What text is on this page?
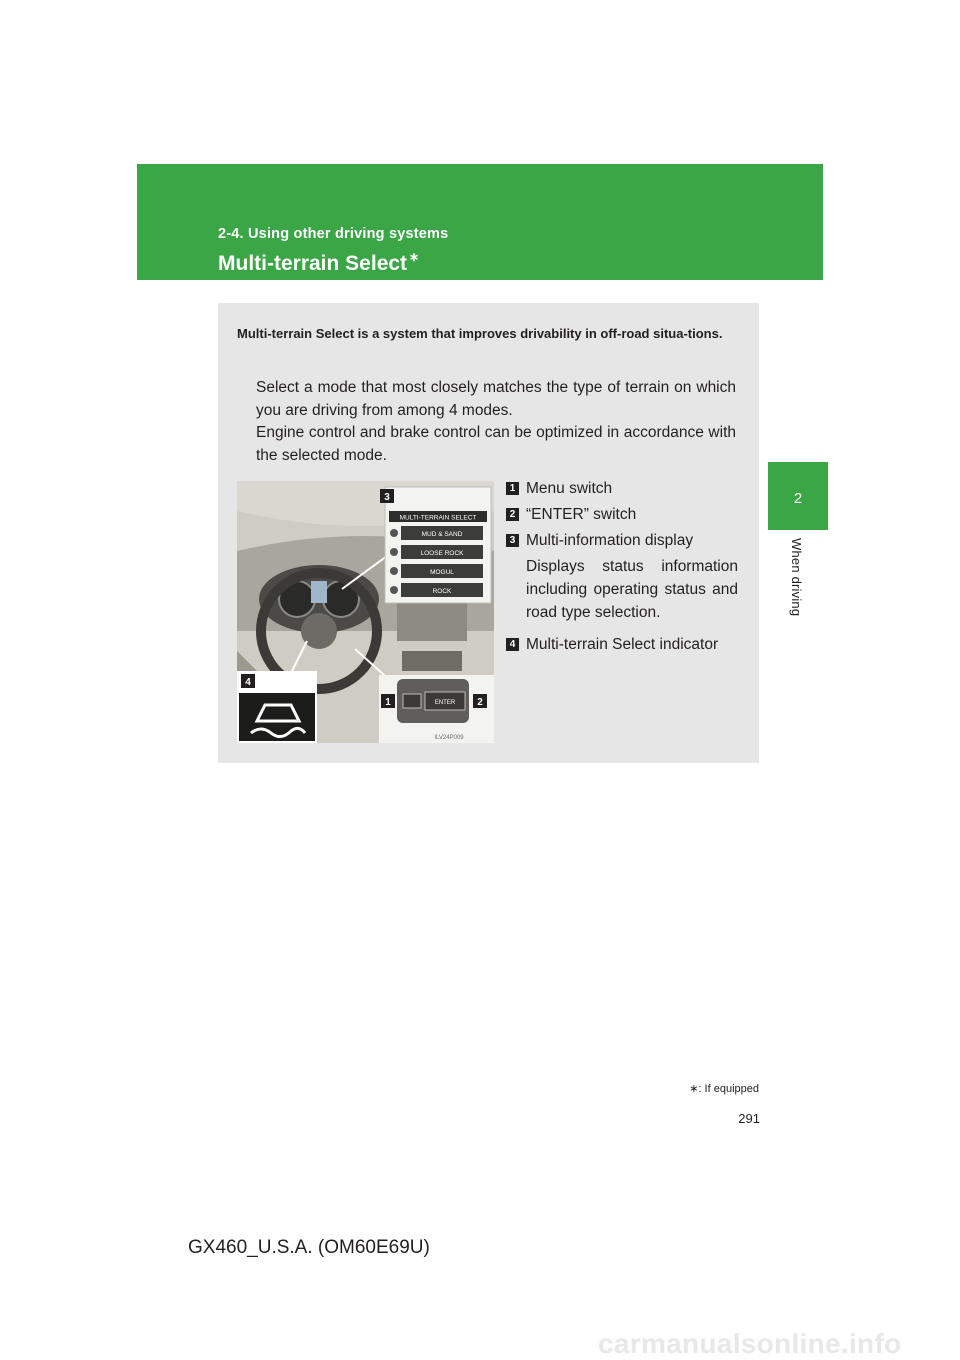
2-4. Using other driving systems
Multi-terrain Select ∗
2
When driving

Multi-terrain Select is a system that improves drivability in off-road situa-tions.

Select a mode that most closely matches the type of terrain on which you are driving from among 4 modes.

Engine control and brake control can be optimized in accordance with the selected mode.

3
MULTI-TERRAIN SELECT
MUD & SAND
LOOSE ROCK
MOGUL
ROCK
4
1	2
ENTER
ILV24P009
1 Menu switch
2 “ENTER” switch
3 Multi-information display
Displays status information including operating status and road type selection.
4 Multi-terrain Select indicator
∗: If equipped
291
GX460_U.S.A. (OM60E69U)
carmanualsonline.info
